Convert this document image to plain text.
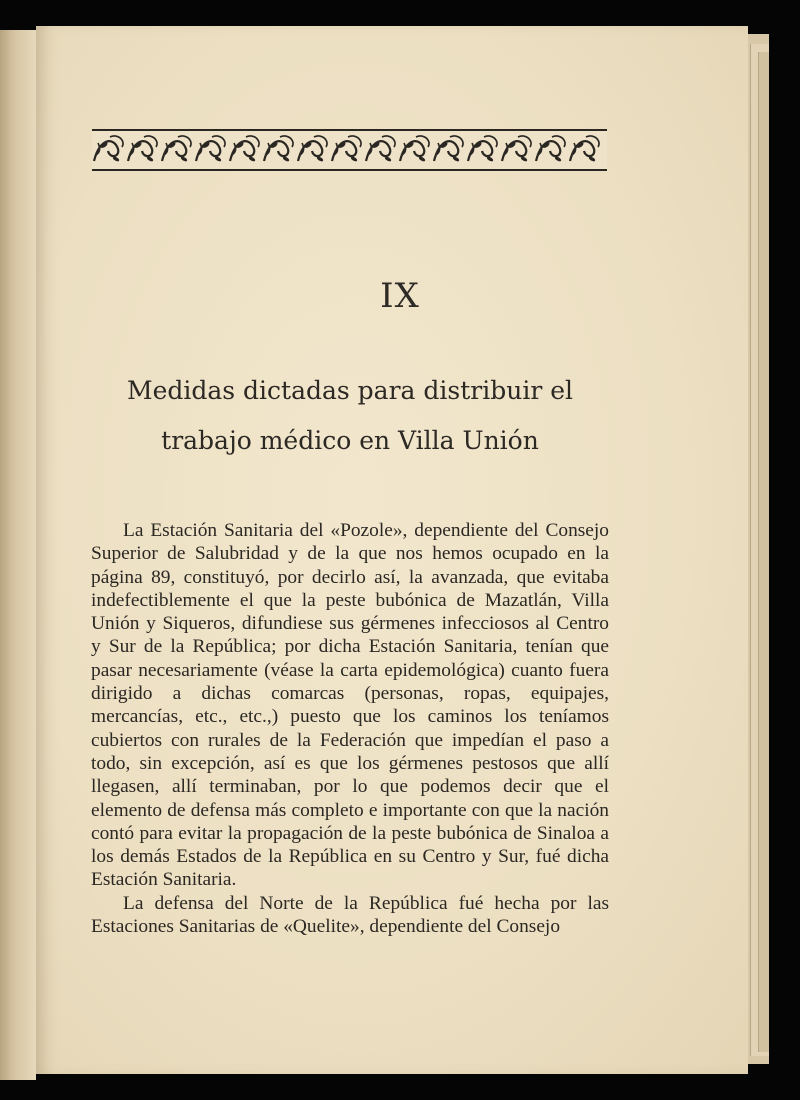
IX
Medidas dictadas para distribuir el
trabajo médico en Villa Unión

La Estación Sanitaria del «Pozole», dependiente del Consejo Superior de Salubridad y de la que nos hemos ocupado en la página 89, constituyó, por decirlo así, la avanzada, que evitaba indefectiblemente el que la peste bubónica de Mazatlán, Villa Unión y Siqueros, difundiese sus gérmenes infecciosos al Centro y Sur de la República; por dicha Estación Sanitaria, tenían que pasar necesariamente (véase la carta epidemológica) cuanto fuera dirigido a dichas comarcas (personas, ropas, equipajes, mercancías, etc., etc.,) puesto que los caminos los teníamos cubiertos con rurales de la Federación que impedían el paso a todo, sin excepción, así es que los gérmenes pestosos que allí llegasen, allí terminaban, por lo que podemos decir que el elemento de defensa más completo e importante con que la nación contó para evitar la propagación de la peste bubónica de Sinaloa a los demás Estados de la República en su Centro y Sur, fué dicha Estación Sanitaria.

La defensa del Norte de la República fué hecha por las Estaciones Sanitarias de «Quelite», dependiente del Consejo
